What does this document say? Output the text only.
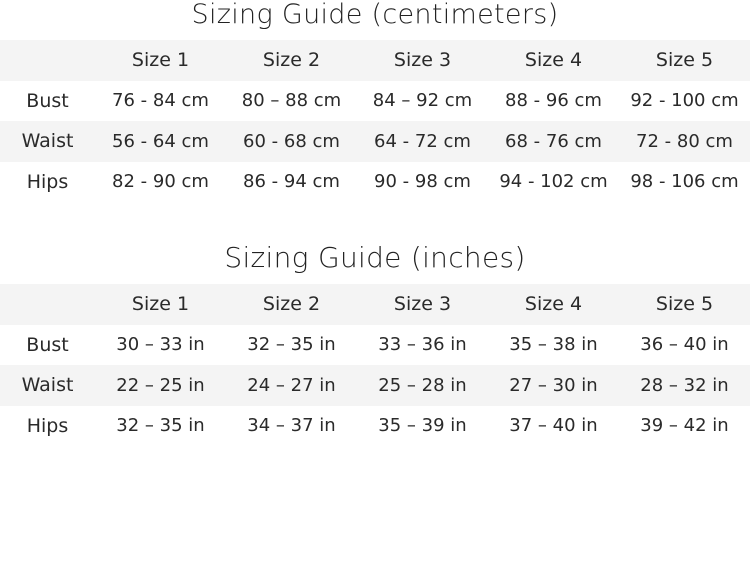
Sizing Guide (centimeters)
	Size 1	Size 2	Size 3	Size 4	Size 5
Bust	76 - 84 cm	80 – 88 cm	84 – 92 cm	88 - 96 cm	92 - 100 cm
Waist	56 - 64 cm	60 - 68 cm	64 - 72 cm	68 - 76 cm	72 - 80 cm
Hips	82 - 90 cm	86 - 94 cm	90 - 98 cm	94 - 102 cm	98 - 106 cm
Sizing Guide (inches)
	Size 1	Size 2	Size 3	Size 4	Size 5
Bust	30 – 33 in	32 – 35 in	33 – 36 in	35 – 38 in	36 – 40 in
Waist	22 – 25 in	24 – 27 in	25 – 28 in	27 – 30 in	28 – 32 in
Hips	32 – 35 in	34 – 37 in	35 – 39 in	37 – 40 in	39 – 42 in
